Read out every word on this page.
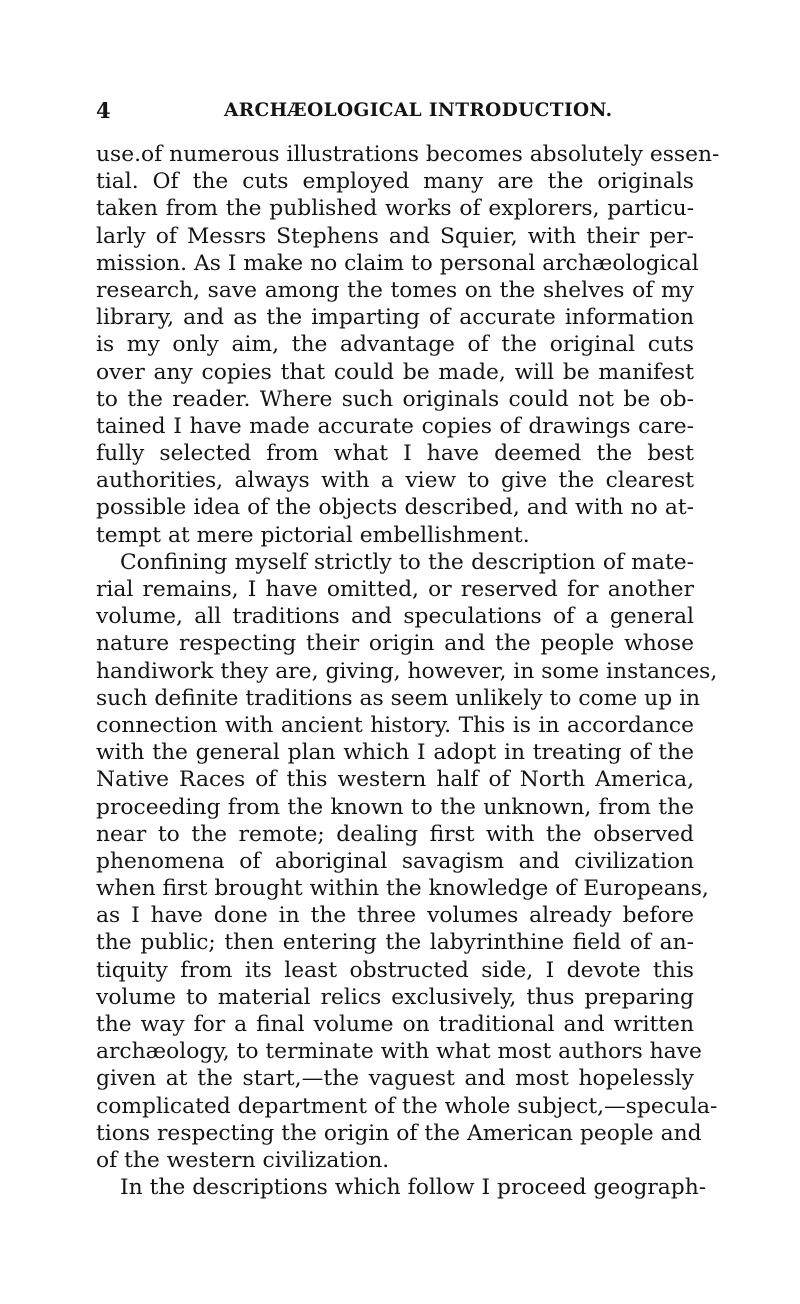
4	ARCHÆOLOGICAL INTRODUCTION.
use.of numerous illustrations becomes absolutely essen-
tial. Of the cuts employed many are the originals
taken from the published works of explorers, particu-
larly of Messrs Stephens and Squier, with their per-
mission. As I make no claim to personal archæological
research, save among the tomes on the shelves of my
library, and as the imparting of accurate information
is my only aim, the advantage of the original cuts
over any copies that could be made, will be manifest
to the reader. Where such originals could not be ob-
tained I have made accurate copies of drawings care-
fully selected from what I have deemed the best
authorities, always with a view to give the clearest
possible idea of the objects described, and with no at-
tempt at mere pictorial embellishment.
Confining myself strictly to the description of mate-
rial remains, I have omitted, or reserved for another
volume, all traditions and speculations of a general
nature respecting their origin and the people whose
handiwork they are, giving, however, in some instances,
such definite traditions as seem unlikely to come up in
connection with ancient history. This is in accordance
with the general plan which I adopt in treating of the
Native Races of this western half of North America,
proceeding from the known to the unknown, from the
near to the remote; dealing first with the observed
phenomena of aboriginal savagism and civilization
when first brought within the knowledge of Europeans,
as I have done in the three volumes already before
the public; then entering the labyrinthine field of an-
tiquity from its least obstructed side, I devote this
volume to material relics exclusively, thus preparing
the way for a final volume on traditional and written
archæology, to terminate with what most authors have
given at the start,—the vaguest and most hopelessly
complicated department of the whole subject,—specula-
tions respecting the origin of the American people and
of the western civilization.
In the descriptions which follow I proceed geograph-
